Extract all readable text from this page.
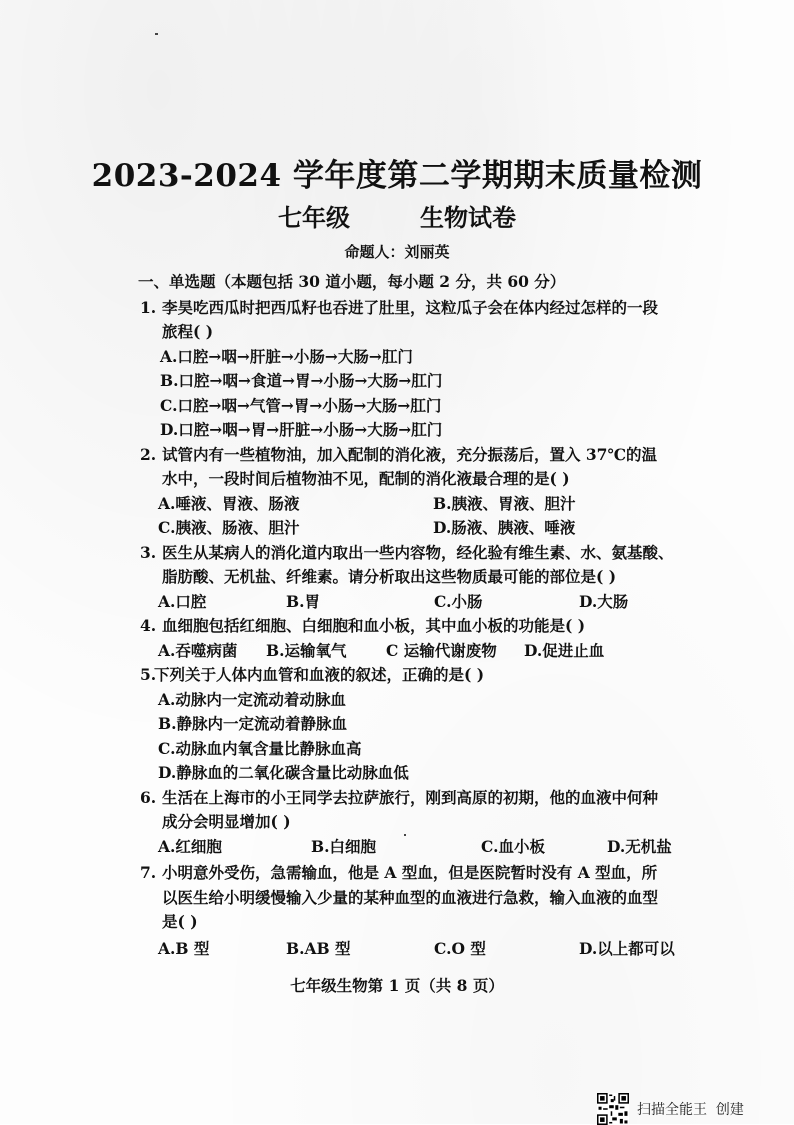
2023-2024 学年度第二学期期末质量检测
七年级	生物试卷
命题人：刘丽英
一、单选题（本题包括 30 道小题，每小题 2 分，共 60 分）
1. 李昊吃西瓜时把西瓜籽也吞进了肚里，这粒瓜子会在体内经过怎样的一段
旅程( )
A.口腔→咽→肝脏→小肠→大肠→肛门
B.口腔→咽→食道→胃→小肠→大肠→肛门
C.口腔→咽→气管→胃→小肠→大肠→肛门
D.口腔→咽→胃→肝脏→小肠→大肠→肛门
2. 试管内有一些植物油，加入配制的消化液，充分振荡后，置入 37℃的温
水中，一段时间后植物油不见，配制的消化液最合理的是( )
A.唾液、胃液、肠液	B.胰液、胃液、胆汁
C.胰液、肠液、胆汁	D.肠液、胰液、唾液
3. 医生从某病人的消化道内取出一些内容物，经化验有维生素、水、氨基酸、
脂肪酸、无机盐、纤维素。请分析取出这些物质最可能的部位是( )
A.口腔	B.胃	C.小肠	D.大肠
4. 血细胞包括红细胞、白细胞和血小板，其中血小板的功能是( )
A.吞噬病菌	B.运输氧气	C 运输代谢废物	D.促进止血
5.
下列关于人体内血管和血液的叙述，正确的是( )
A.动脉内一定流动着动脉血
B.静脉内一定流动着静脉血
C.动脉血内氧含量比静脉血高
D.静脉血的二氧化碳含量比动脉血低
6. 生活在上海市的小王同学去拉萨旅行，刚到高原的初期，他的血液中何种
成分会明显增加( )
A.红细胞	B.白细胞	C.血小板	D.无机盐
7. 小明意外受伤，急需输血，他是 A 型血，但是医院暂时没有 A 型血，所
以医生给小明缓慢输入少量的某种血型的血液进行急救，输入血液的血型
是( )
A.B 型	B.AB 型	C.O 型	D.以上都可以
七年级生物第 1 页（共 8 页）
扫描全能王
创建
